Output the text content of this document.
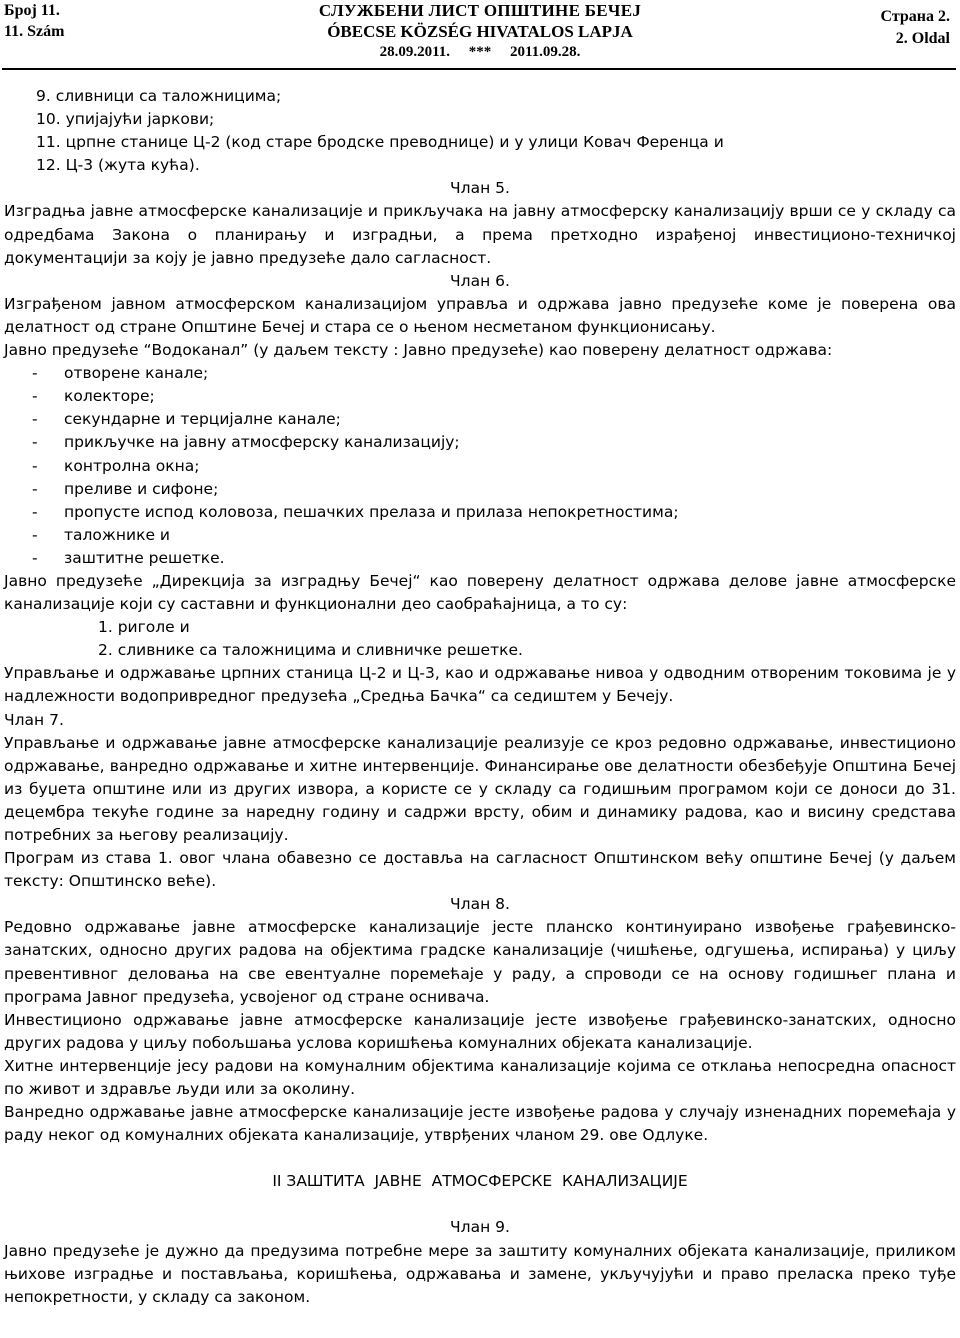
Број 11.
11. Szám
СЛУЖБЕНИ ЛИСТ ОПШТИНЕ БЕЧЕЈ
ÓBECSE KÖZSÉG HIVATALOS LAPJA
28.09.2011.     ***     2011.09.28.
Страна 2.
2. Oldal

9. сливници са таложницима;

10. упијајући јаркови;

11. црпне станице Ц-2 (код старе бродске преводнице) и у улици Ковач Ференца и

12. Ц-3 (жута кућа).

Члан 5.

Изградња јавне атмосферске канализације и прикључака на јавну атмосферску канализацију врши се у складу са одредбама Закона о планирању и изградњи, а према претходно израђеној инвестиционо-техничкој документацији за коју је јавно предузеће дало сагласност.

Члан 6.

Изграђеном јавном атмосферском канализацијом управља и одржава јавно предузеће коме је поверена ова делатност од стране Општине Бечеј и стара се о њеном несметаном функционисању.

Јавно предузеће “Водоканал” (у даљем тексту : Јавно предузеће) као поверену делатност одржава:

-	отворене канале;
-	колекторе;
-	секундарне и терцијалне канале;
-	прикључке на јавну атмосферску канализацију;
-	контролна окна;
-	преливе и сифоне;
-	пропусте испод коловоза, пешачких прелаза и прилаза непокретностима;
-	таложнике и
-	заштитне решетке.

Јавно предузеће „Дирекција за изградњу Бечеј“ као поверену делатност одржава делове јавне атмосферске канализације који су саставни и функционални део саобраћајница, а то су:

1. риголе и

2. сливнике са таложницима и сливничке решетке.

Управљање и одржавање црпних станица Ц-2 и Ц-3, као и одржавање нивоа у одводним отвореним токовима је у надлежности водопривредног предузећа „Средња Бачка“ са седиштем у Бечеју.

Члан 7.

Управљање и одржавање јавне атмосферске канализације реализује се кроз редовно одржавање, инвестиционо одржавање, ванредно одржавање и хитне интервенције. Финансирање ове делатности обезбеђује Општина Бечеј из буџета општине или из других извора, а користе се у складу са годишњим програмом који се доноси до 31. децембра текуће године за наредну годину и садржи врсту, обим и динамику радова, као и висину средстава потребних за његову реализацију.

Програм из става 1. овог члана обавезно се доставља на сагласност Општинском већу општине Бечеј (у даљем тексту: Општинско веће).

Члан 8.

Редовно одржавање јавне атмосферске канализације јесте планско континуирано извођење грађевинско-занатских, односно других радова на објектима градске канализације (чишћење, одгушења, испирања) у циљу превентивног деловања на све евентуалне поремећаје у раду, а спроводи се на основу годишњег плана и програма Јавног предузећа, усвојеног од стране оснивача.

Инвестиционо одржавање јавне атмосферске канализације јесте извођење грађевинско-занатских, односно других радова у циљу побољшања услова коришћења комуналних објеката канализације.

Хитне интервенције јесу радови на комуналним објектима канализације којима се отклања непосредна опасност по живот и здравље људи или за околину.

Ванредно одржавање јавне атмосферске канализације јесте извођење радова у случају изненадних поремећаја у раду неког од комуналних објеката канализације, утврђених чланом 29. ове Одлуке.

II ЗАШТИТА  ЈАВНЕ  АТМОСФЕРСКЕ  КАНАЛИЗАЦИЈЕ

Члан 9.

Јавно предузеће је дужно да предузима потребне мере за заштиту комуналних објеката канализације, приликом њихове изградње и постављања, коришћења, одржавања и замене, укључујући и право преласка преко туђе непокретности, у складу са законом.
